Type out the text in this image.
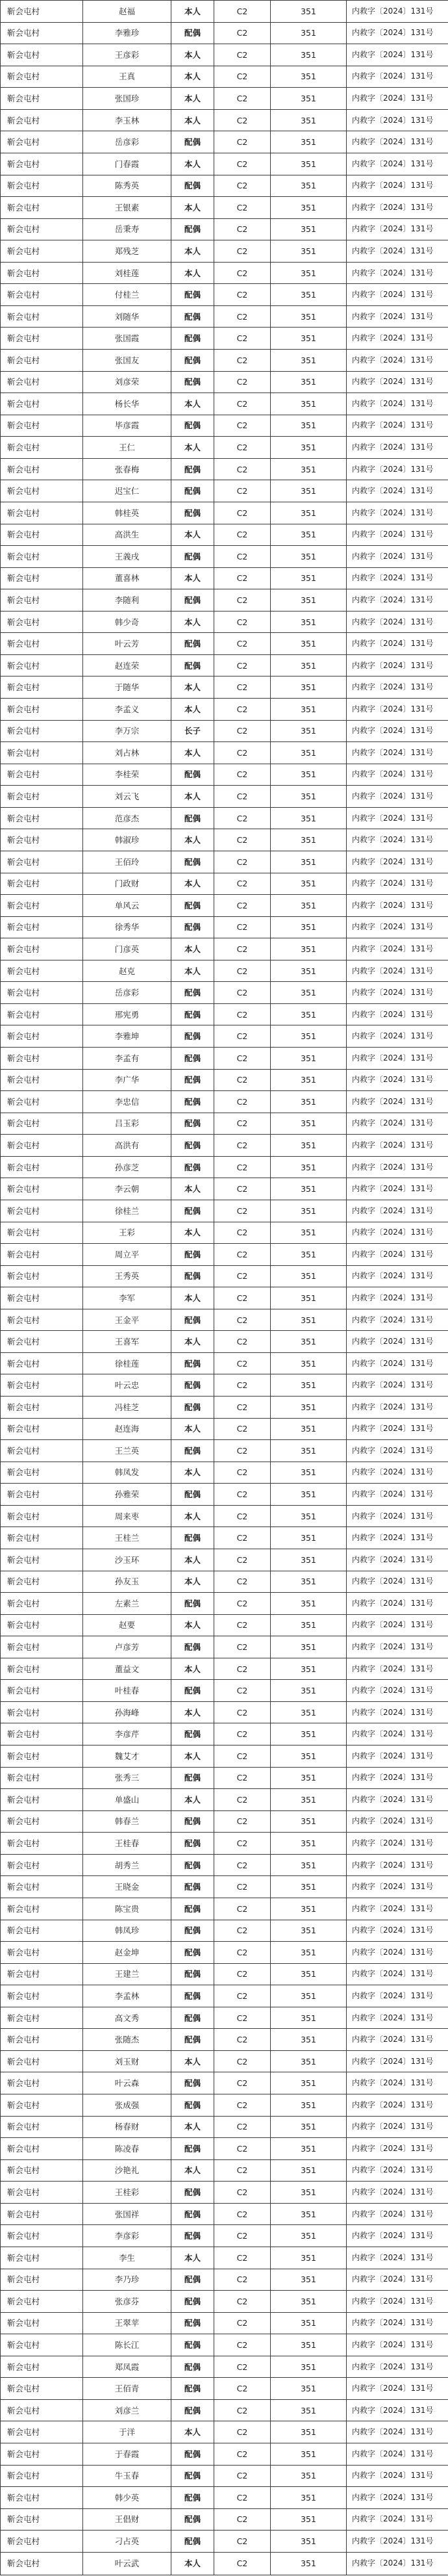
靳会屯村	赵福	本人	C2	351	内救字〔2024〕131号
靳会屯村	李雅珍	配偶	C2	351	内救字〔2024〕131号
靳会屯村	王彦彩	本人	C2	351	内救字〔2024〕131号
靳会屯村	王真	本人	C2	351	内救字〔2024〕131号
靳会屯村	张国珍	本人	C2	351	内救字〔2024〕131号
靳会屯村	李玉林	本人	C2	351	内救字〔2024〕131号
靳会屯村	岳彦彩	配偶	C2	351	内救字〔2024〕131号
靳会屯村	门春霞	本人	C2	351	内救字〔2024〕131号
靳会屯村	陈秀英	配偶	C2	351	内救字〔2024〕131号
靳会屯村	王银素	本人	C2	351	内救字〔2024〕131号
靳会屯村	岳秉寿	配偶	C2	351	内救字〔2024〕131号
靳会屯村	郑残芝	本人	C2	351	内救字〔2024〕131号
靳会屯村	刘桂莲	本人	C2	351	内救字〔2024〕131号
靳会屯村	付桂兰	配偶	C2	351	内救字〔2024〕131号
靳会屯村	刘随华	配偶	C2	351	内救字〔2024〕131号
靳会屯村	张国霞	配偶	C2	351	内救字〔2024〕131号
靳会屯村	张国友	配偶	C2	351	内救字〔2024〕131号
靳会屯村	刘彦荣	配偶	C2	351	内救字〔2024〕131号
靳会屯村	杨长华	本人	C2	351	内救字〔2024〕131号
靳会屯村	毕彦霞	配偶	C2	351	内救字〔2024〕131号
靳会屯村	王仁	本人	C2	351	内救字〔2024〕131号
靳会屯村	张春梅	配偶	C2	351	内救字〔2024〕131号
靳会屯村	迟宝仁	配偶	C2	351	内救字〔2024〕131号
靳会屯村	韩桂英	配偶	C2	351	内救字〔2024〕131号
靳会屯村	高洪生	本人	C2	351	内救字〔2024〕131号
靳会屯村	王義戌	配偶	C2	351	内救字〔2024〕131号
靳会屯村	董喜林	本人	C2	351	内救字〔2024〕131号
靳会屯村	李随利	配偶	C2	351	内救字〔2024〕131号
靳会屯村	韩少奇	本人	C2	351	内救字〔2024〕131号
靳会屯村	叶云芳	配偶	C2	351	内救字〔2024〕131号
靳会屯村	赵连荣	配偶	C2	351	内救字〔2024〕131号
靳会屯村	于随华	本人	C2	351	内救字〔2024〕131号
靳会屯村	李孟义	本人	C2	351	内救字〔2024〕131号
靳会屯村	李万宗	长子	C2	351	内救字〔2024〕131号
靳会屯村	刘占林	本人	C2	351	内救字〔2024〕131号
靳会屯村	李桂荣	配偶	C2	351	内救字〔2024〕131号
靳会屯村	刘云飞	本人	C2	351	内救字〔2024〕131号
靳会屯村	范彦杰	配偶	C2	351	内救字〔2024〕131号
靳会屯村	韩淑珍	本人	C2	351	内救字〔2024〕131号
靳会屯村	王佰玲	配偶	C2	351	内救字〔2024〕131号
靳会屯村	门政财	本人	C2	351	内救字〔2024〕131号
靳会屯村	单风云	配偶	C2	351	内救字〔2024〕131号
靳会屯村	徐秀华	配偶	C2	351	内救字〔2024〕131号
靳会屯村	门彦英	本人	C2	351	内救字〔2024〕131号
靳会屯村	赵克	本人	C2	351	内救字〔2024〕131号
靳会屯村	岳彦彩	配偶	C2	351	内救字〔2024〕131号
靳会屯村	邢宪勇	配偶	C2	351	内救字〔2024〕131号
靳会屯村	李雅坤	配偶	C2	351	内救字〔2024〕131号
靳会屯村	李孟有	配偶	C2	351	内救字〔2024〕131号
靳会屯村	李广华	配偶	C2	351	内救字〔2024〕131号
靳会屯村	李忠信	配偶	C2	351	内救字〔2024〕131号
靳会屯村	吕玉彩	配偶	C2	351	内救字〔2024〕131号
靳会屯村	高洪有	配偶	C2	351	内救字〔2024〕131号
靳会屯村	孙彦芝	配偶	C2	351	内救字〔2024〕131号
靳会屯村	李云朝	本人	C2	351	内救字〔2024〕131号
靳会屯村	徐桂兰	配偶	C2	351	内救字〔2024〕131号
靳会屯村	王彩	本人	C2	351	内救字〔2024〕131号
靳会屯村	周立平	配偶	C2	351	内救字〔2024〕131号
靳会屯村	王秀英	配偶	C2	351	内救字〔2024〕131号
靳会屯村	李军	本人	C2	351	内救字〔2024〕131号
靳会屯村	王金平	配偶	C2	351	内救字〔2024〕131号
靳会屯村	王喜军	本人	C2	351	内救字〔2024〕131号
靳会屯村	徐桂莲	配偶	C2	351	内救字〔2024〕131号
靳会屯村	叶云忠	配偶	C2	351	内救字〔2024〕131号
靳会屯村	冯桂芝	配偶	C2	351	内救字〔2024〕131号
靳会屯村	赵连海	本人	C2	351	内救字〔2024〕131号
靳会屯村	王兰英	配偶	C2	351	内救字〔2024〕131号
靳会屯村	韩凤发	本人	C2	351	内救字〔2024〕131号
靳会屯村	孙雅荣	配偶	C2	351	内救字〔2024〕131号
靳会屯村	周来枣	本人	C2	351	内救字〔2024〕131号
靳会屯村	王桂兰	配偶	C2	351	内救字〔2024〕131号
靳会屯村	沙玉环	本人	C2	351	内救字〔2024〕131号
靳会屯村	孙友玉	本人	C2	351	内救字〔2024〕131号
靳会屯村	左素兰	配偶	C2	351	内救字〔2024〕131号
靳会屯村	赵要	本人	C2	351	内救字〔2024〕131号
靳会屯村	卢彦芳	配偶	C2	351	内救字〔2024〕131号
靳会屯村	董益文	本人	C2	351	内救字〔2024〕131号
靳会屯村	叶桂春	配偶	C2	351	内救字〔2024〕131号
靳会屯村	孙海峰	本人	C2	351	内救字〔2024〕131号
靳会屯村	李彦芹	配偶	C2	351	内救字〔2024〕131号
靳会屯村	魏艾才	本人	C2	351	内救字〔2024〕131号
靳会屯村	张秀三	配偶	C2	351	内救字〔2024〕131号
靳会屯村	单盛山	本人	C2	351	内救字〔2024〕131号
靳会屯村	韩春兰	配偶	C2	351	内救字〔2024〕131号
靳会屯村	王桂春	配偶	C2	351	内救字〔2024〕131号
靳会屯村	胡秀兰	配偶	C2	351	内救字〔2024〕131号
靳会屯村	王晓金	配偶	C2	351	内救字〔2024〕131号
靳会屯村	陈宝贵	配偶	C2	351	内救字〔2024〕131号
靳会屯村	韩凤珍	配偶	C2	351	内救字〔2024〕131号
靳会屯村	赵金坤	配偶	C2	351	内救字〔2024〕131号
靳会屯村	王建兰	配偶	C2	351	内救字〔2024〕131号
靳会屯村	李孟林	配偶	C2	351	内救字〔2024〕131号
靳会屯村	高文秀	配偶	C2	351	内救字〔2024〕131号
靳会屯村	张随杰	配偶	C2	351	内救字〔2024〕131号
靳会屯村	刘玉财	本人	C2	351	内救字〔2024〕131号
靳会屯村	叶云森	配偶	C2	351	内救字〔2024〕131号
靳会屯村	张成强	配偶	C2	351	内救字〔2024〕131号
靳会屯村	杨春财	本人	C2	351	内救字〔2024〕131号
靳会屯村	陈凌春	配偶	C2	351	内救字〔2024〕131号
靳会屯村	沙艳礼	本人	C2	351	内救字〔2024〕131号
靳会屯村	王桂彩	配偶	C2	351	内救字〔2024〕131号
靳会屯村	张国祥	配偶	C2	351	内救字〔2024〕131号
靳会屯村	李彦彩	配偶	C2	351	内救字〔2024〕131号
靳会屯村	李生	本人	C2	351	内救字〔2024〕131号
靳会屯村	李乃珍	配偶	C2	351	内救字〔2024〕131号
靳会屯村	张彦芬	配偶	C2	351	内救字〔2024〕131号
靳会屯村	王翠苹	配偶	C2	351	内救字〔2024〕131号
靳会屯村	陈长江	配偶	C2	351	内救字〔2024〕131号
靳会屯村	郑凤霞	配偶	C2	351	内救字〔2024〕131号
靳会屯村	王佰青	配偶	C2	351	内救字〔2024〕131号
靳会屯村	刘彦兰	配偶	C2	351	内救字〔2024〕131号
靳会屯村	于洋	本人	C2	351	内救字〔2024〕131号
靳会屯村	于春霞	配偶	C2	351	内救字〔2024〕131号
靳会屯村	牛玉春	配偶	C2	351	内救字〔2024〕131号
靳会屯村	韩少英	配偶	C2	351	内救字〔2024〕131号
靳会屯村	王倡财	配偶	C2	351	内救字〔2024〕131号
靳会屯村	刁占英	配偶	C2	351	内救字〔2024〕131号
靳会屯村	叶云武	本人	C2	351	内救字〔2024〕131号
